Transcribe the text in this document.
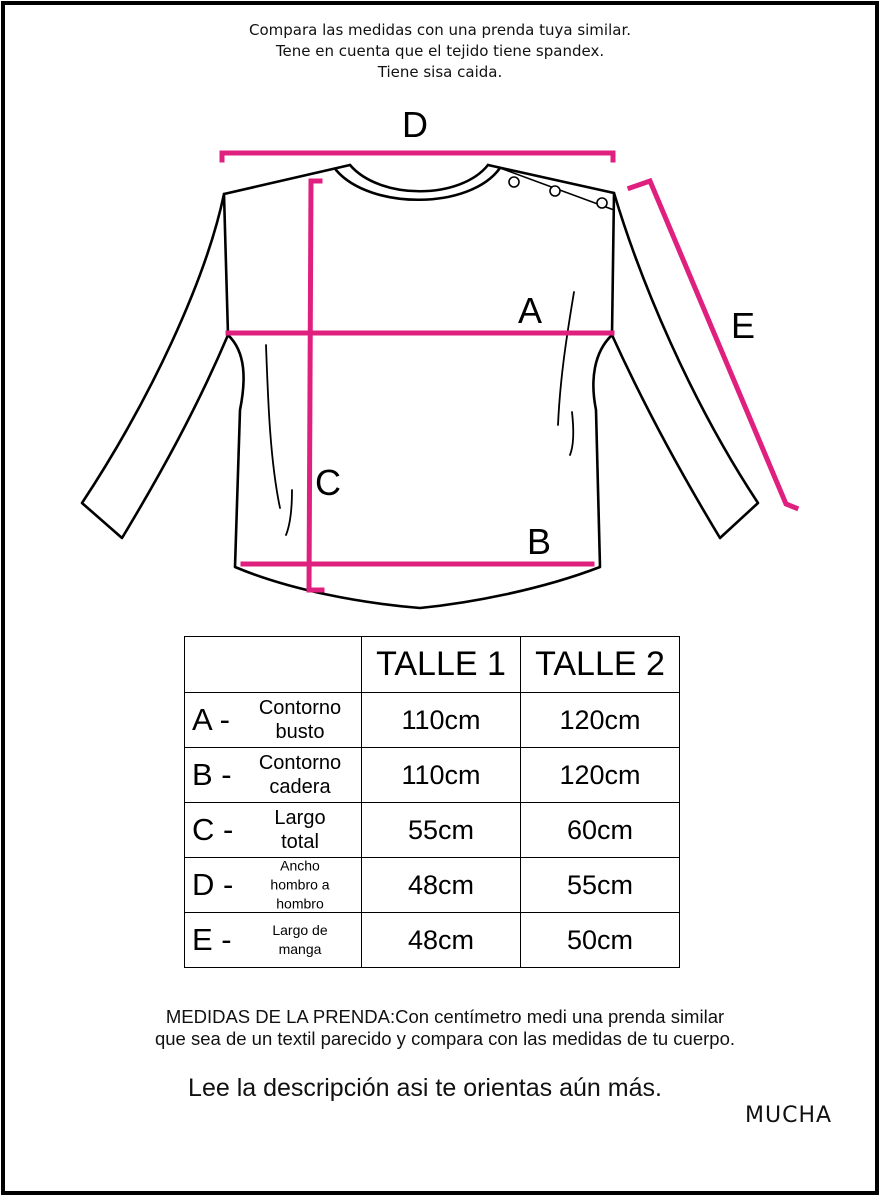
Compara las medidas con una prenda tuya similar.
Tene en cuenta que el tejido tiene spandex.
Tiene sisa caida.
D
A	E
C
B
	TALLE 1	TALLE 2

A - Contorno
busto	110cm	120cm

B - Contorno
cadera	110cm	120cm

C - Largo
total	55cm	60cm

D -
Ancho
hombro a
hombro	48cm	55cm

E - Largo de
manga	48cm	50cm
MEDIDAS DE LA PRENDA:Con centímetro medi una prenda similar
que sea de un textil parecido y compara con las medidas de tu cuerpo.
Lee la descripción asi te orientas aún más.
MUCHA
